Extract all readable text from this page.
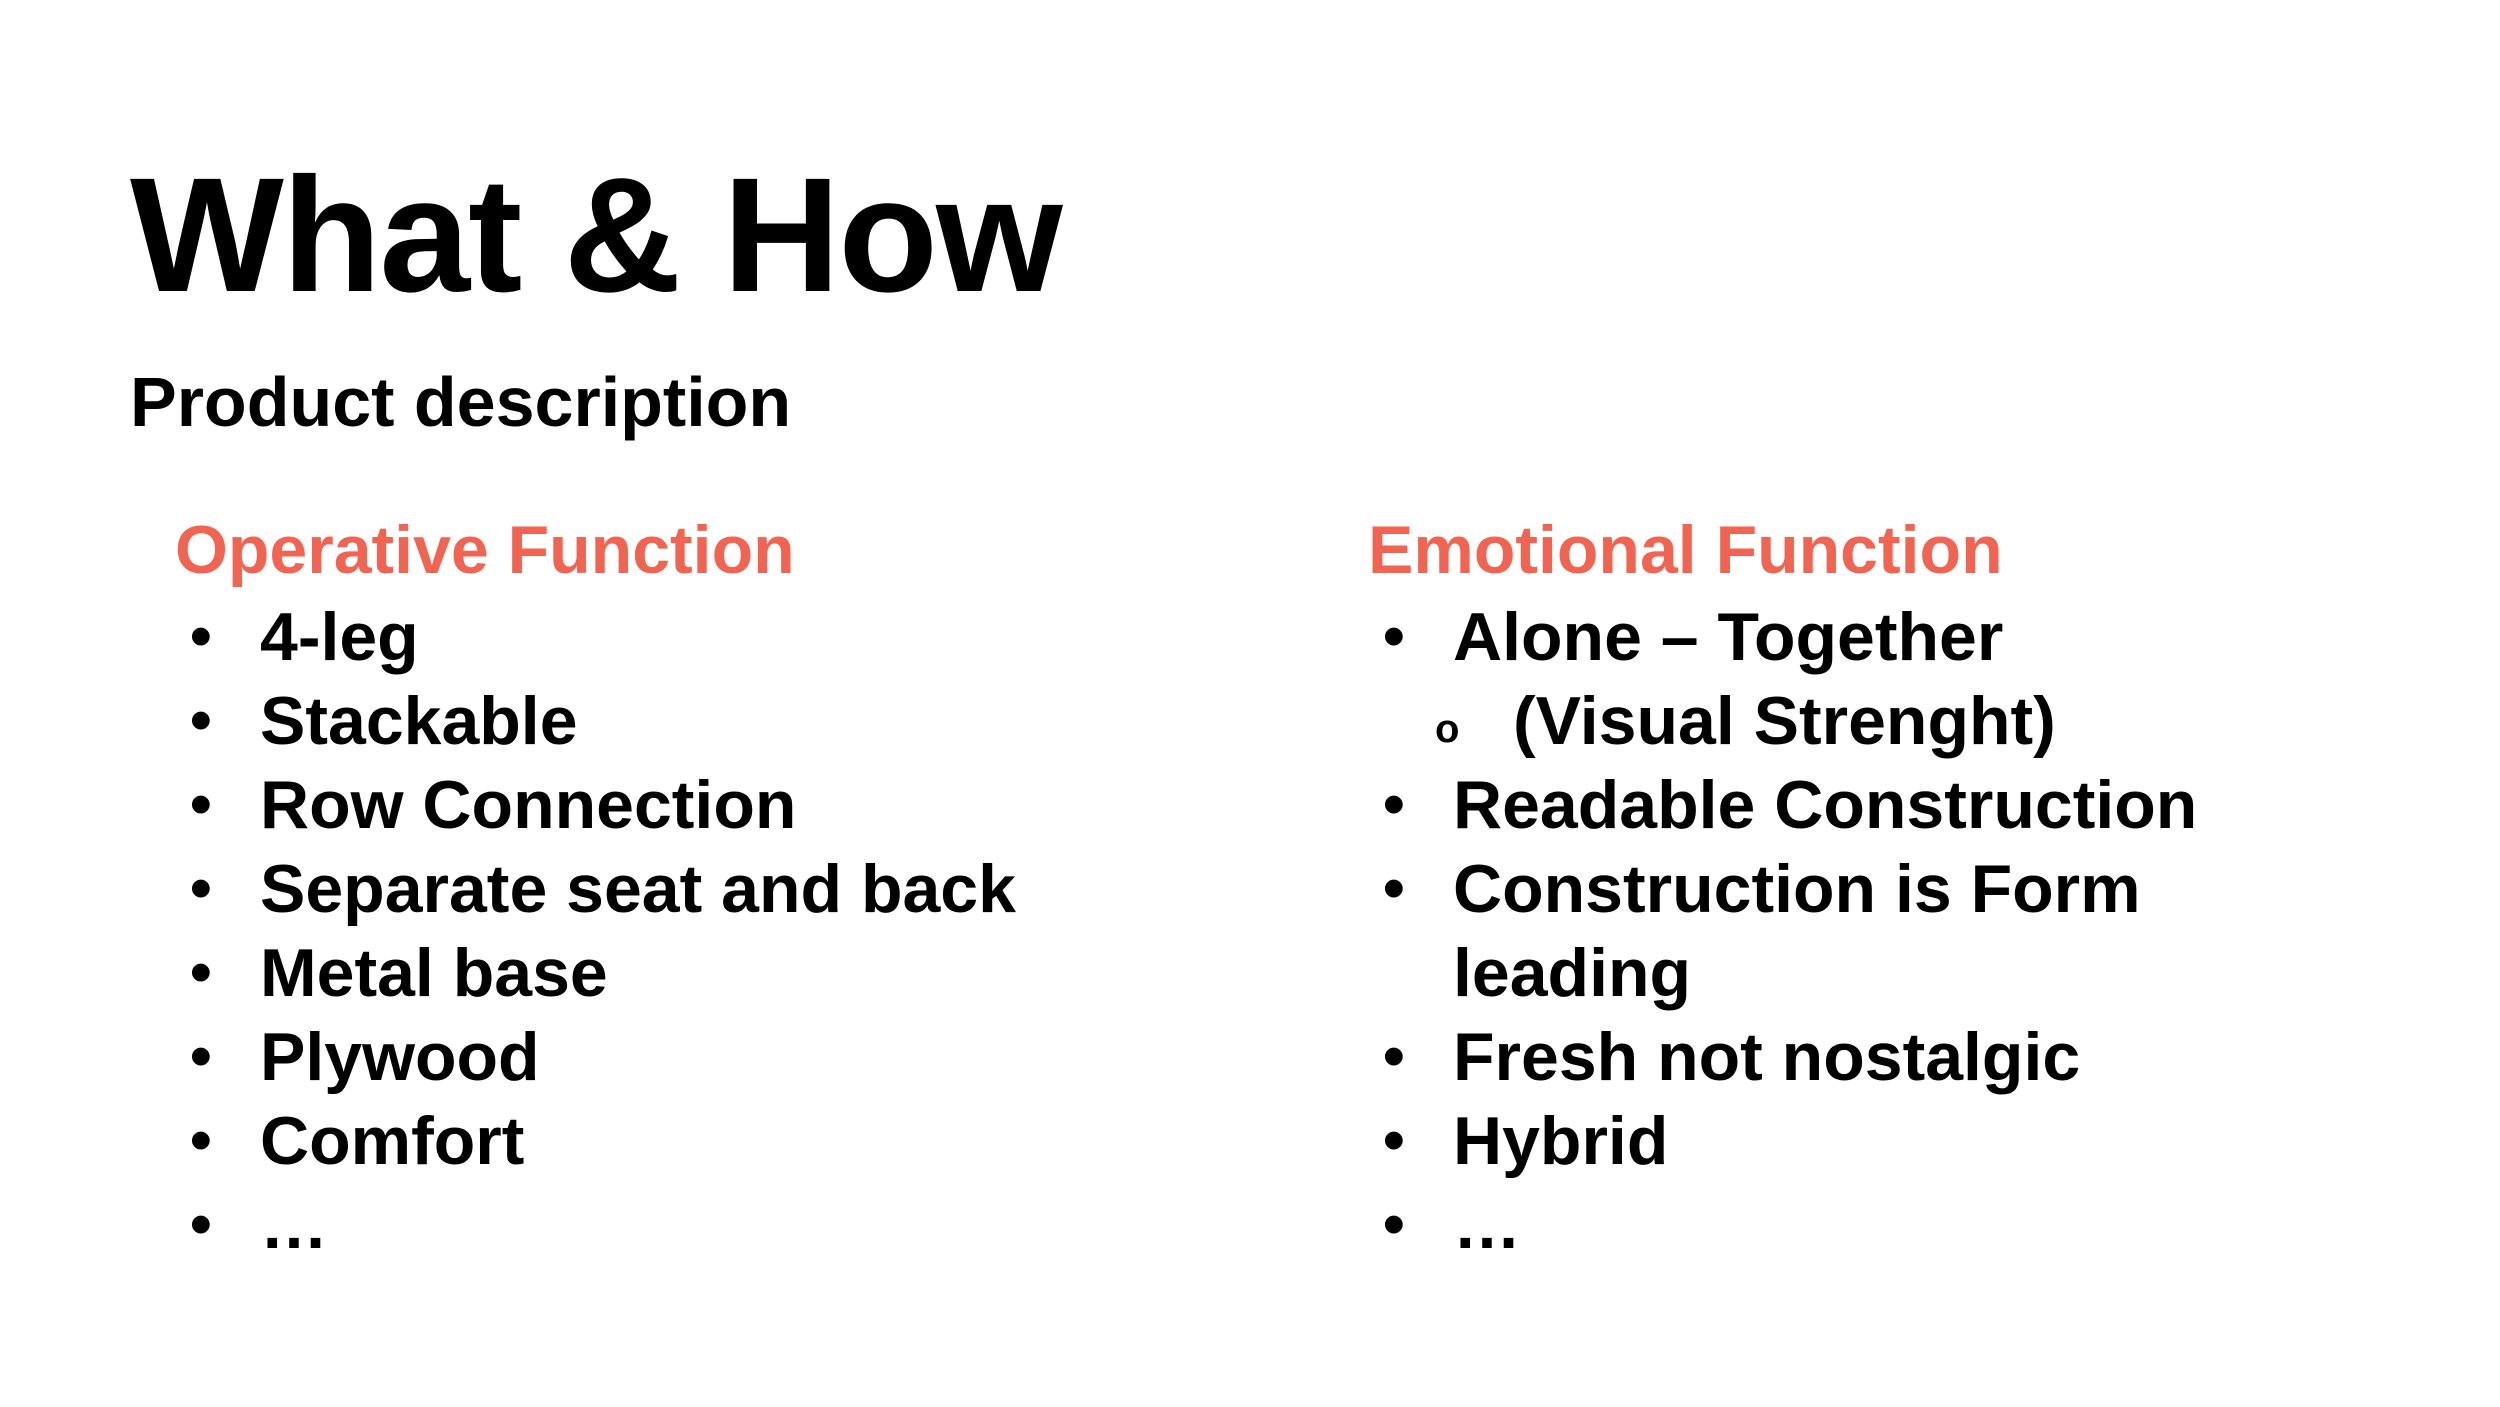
What & How
Product description
Operative Function
• 4-leg
• Stackable
• Row Connection
• Separate seat and back
• Metal base
• Plywood
• Comfort
• …
Emotional Function
• Alone – Together
o (Visual Strenght)
• Readable Construction
• Construction is Form
leading
• Fresh not nostalgic
• Hybrid
• …
